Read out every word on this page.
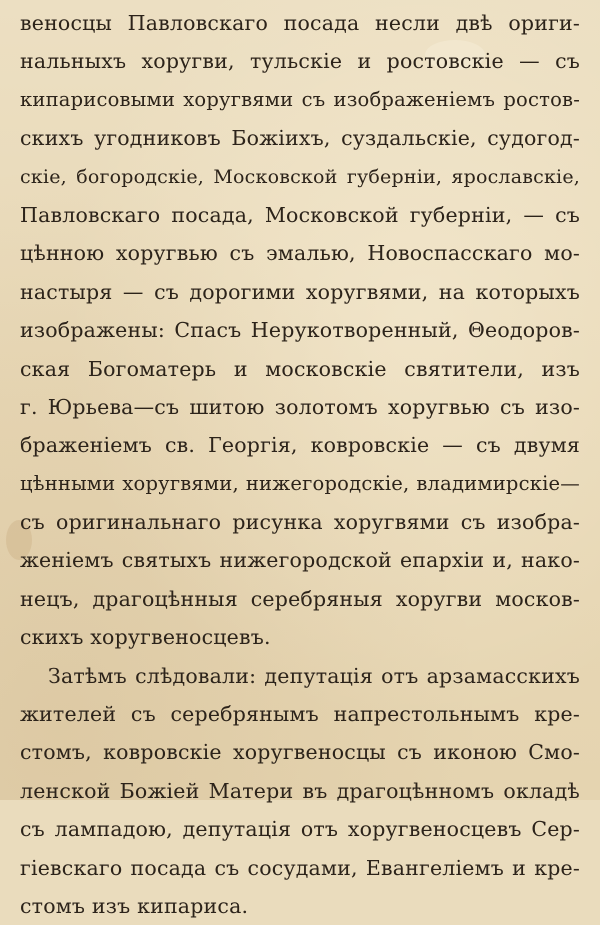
веносцы Павловскаго посада несли двѣ ориги-
нальныхъ хоругви, тульскіе и ростовскіе — съ
кипарисовыми хоругвями съ изображенiемъ ростов-
скихъ угодниковъ Божіихъ, суздальскіе, судогод-
скіе, богородскіе, Московской губерніи, ярославскіе,
Павловскаго посада, Московской губерніи, — съ
цѣнною хоругвью съ эмалью, Новоспасскаго мо-
настыря — съ дорогими хоругвями, на которыхъ
изображены: Спасъ Нерукотворенный, Θеодоров-
ская Богоматерь и московскіе святители, изъ
г. Юрьева—съ шитою золотомъ хоругвью съ изо-
браженіемъ св. Георгія, ковровскіе — съ двумя
цѣнными хоругвями, нижегородскіе, владимирскіе—
съ оригинальнаго рисунка хоругвями съ изобра-
женіемъ святыхъ нижегородской епархіи и, нако-
нецъ, драгоцѣнныя серебряныя хоругви москов-
скихъ хоругвеносцевъ.

Затѣмъ слѣдовали: депутація отъ арзамасскихъ
жителей съ серебрянымъ напрестольнымъ кре-
стомъ, ковровскіе хоругвеносцы съ иконою Смо-
ленской Божіей Матери въ драгоцѣнномъ окладѣ
съ лампадою, депутація отъ хоругвеносцевъ Сер-
гіевскаго посада съ сосудами, Евангеліемъ и кре-
стомъ изъ кипариса.
